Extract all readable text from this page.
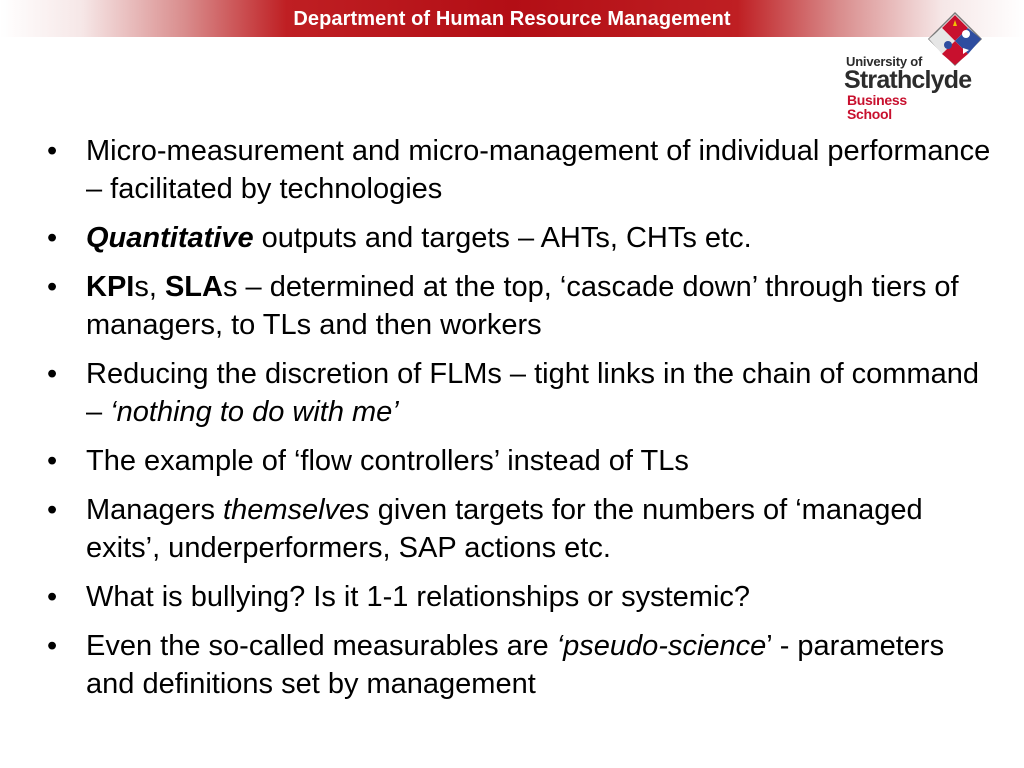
Department of Human Resource Management
University of
Strathclyde
Business
School
• Micro-measurement and micro-management of individual performance – facilitated by technologies
• Quantitative outputs and targets – AHTs, CHTs etc.
• KPIs, SLAs – determined at the top, ‘cascade down’ through tiers of managers, to TLs and then workers
• Reducing the discretion of FLMs – tight links in the chain of command – ‘nothing to do with me’
• The example of ‘flow controllers’ instead of TLs
• Managers themselves given targets for the numbers of ‘managed exits’, underperformers, SAP actions etc.
• What is bullying? Is it 1-1 relationships or systemic?
• Even the so-called measurables are ‘pseudo-science’ - parameters and definitions set by management
